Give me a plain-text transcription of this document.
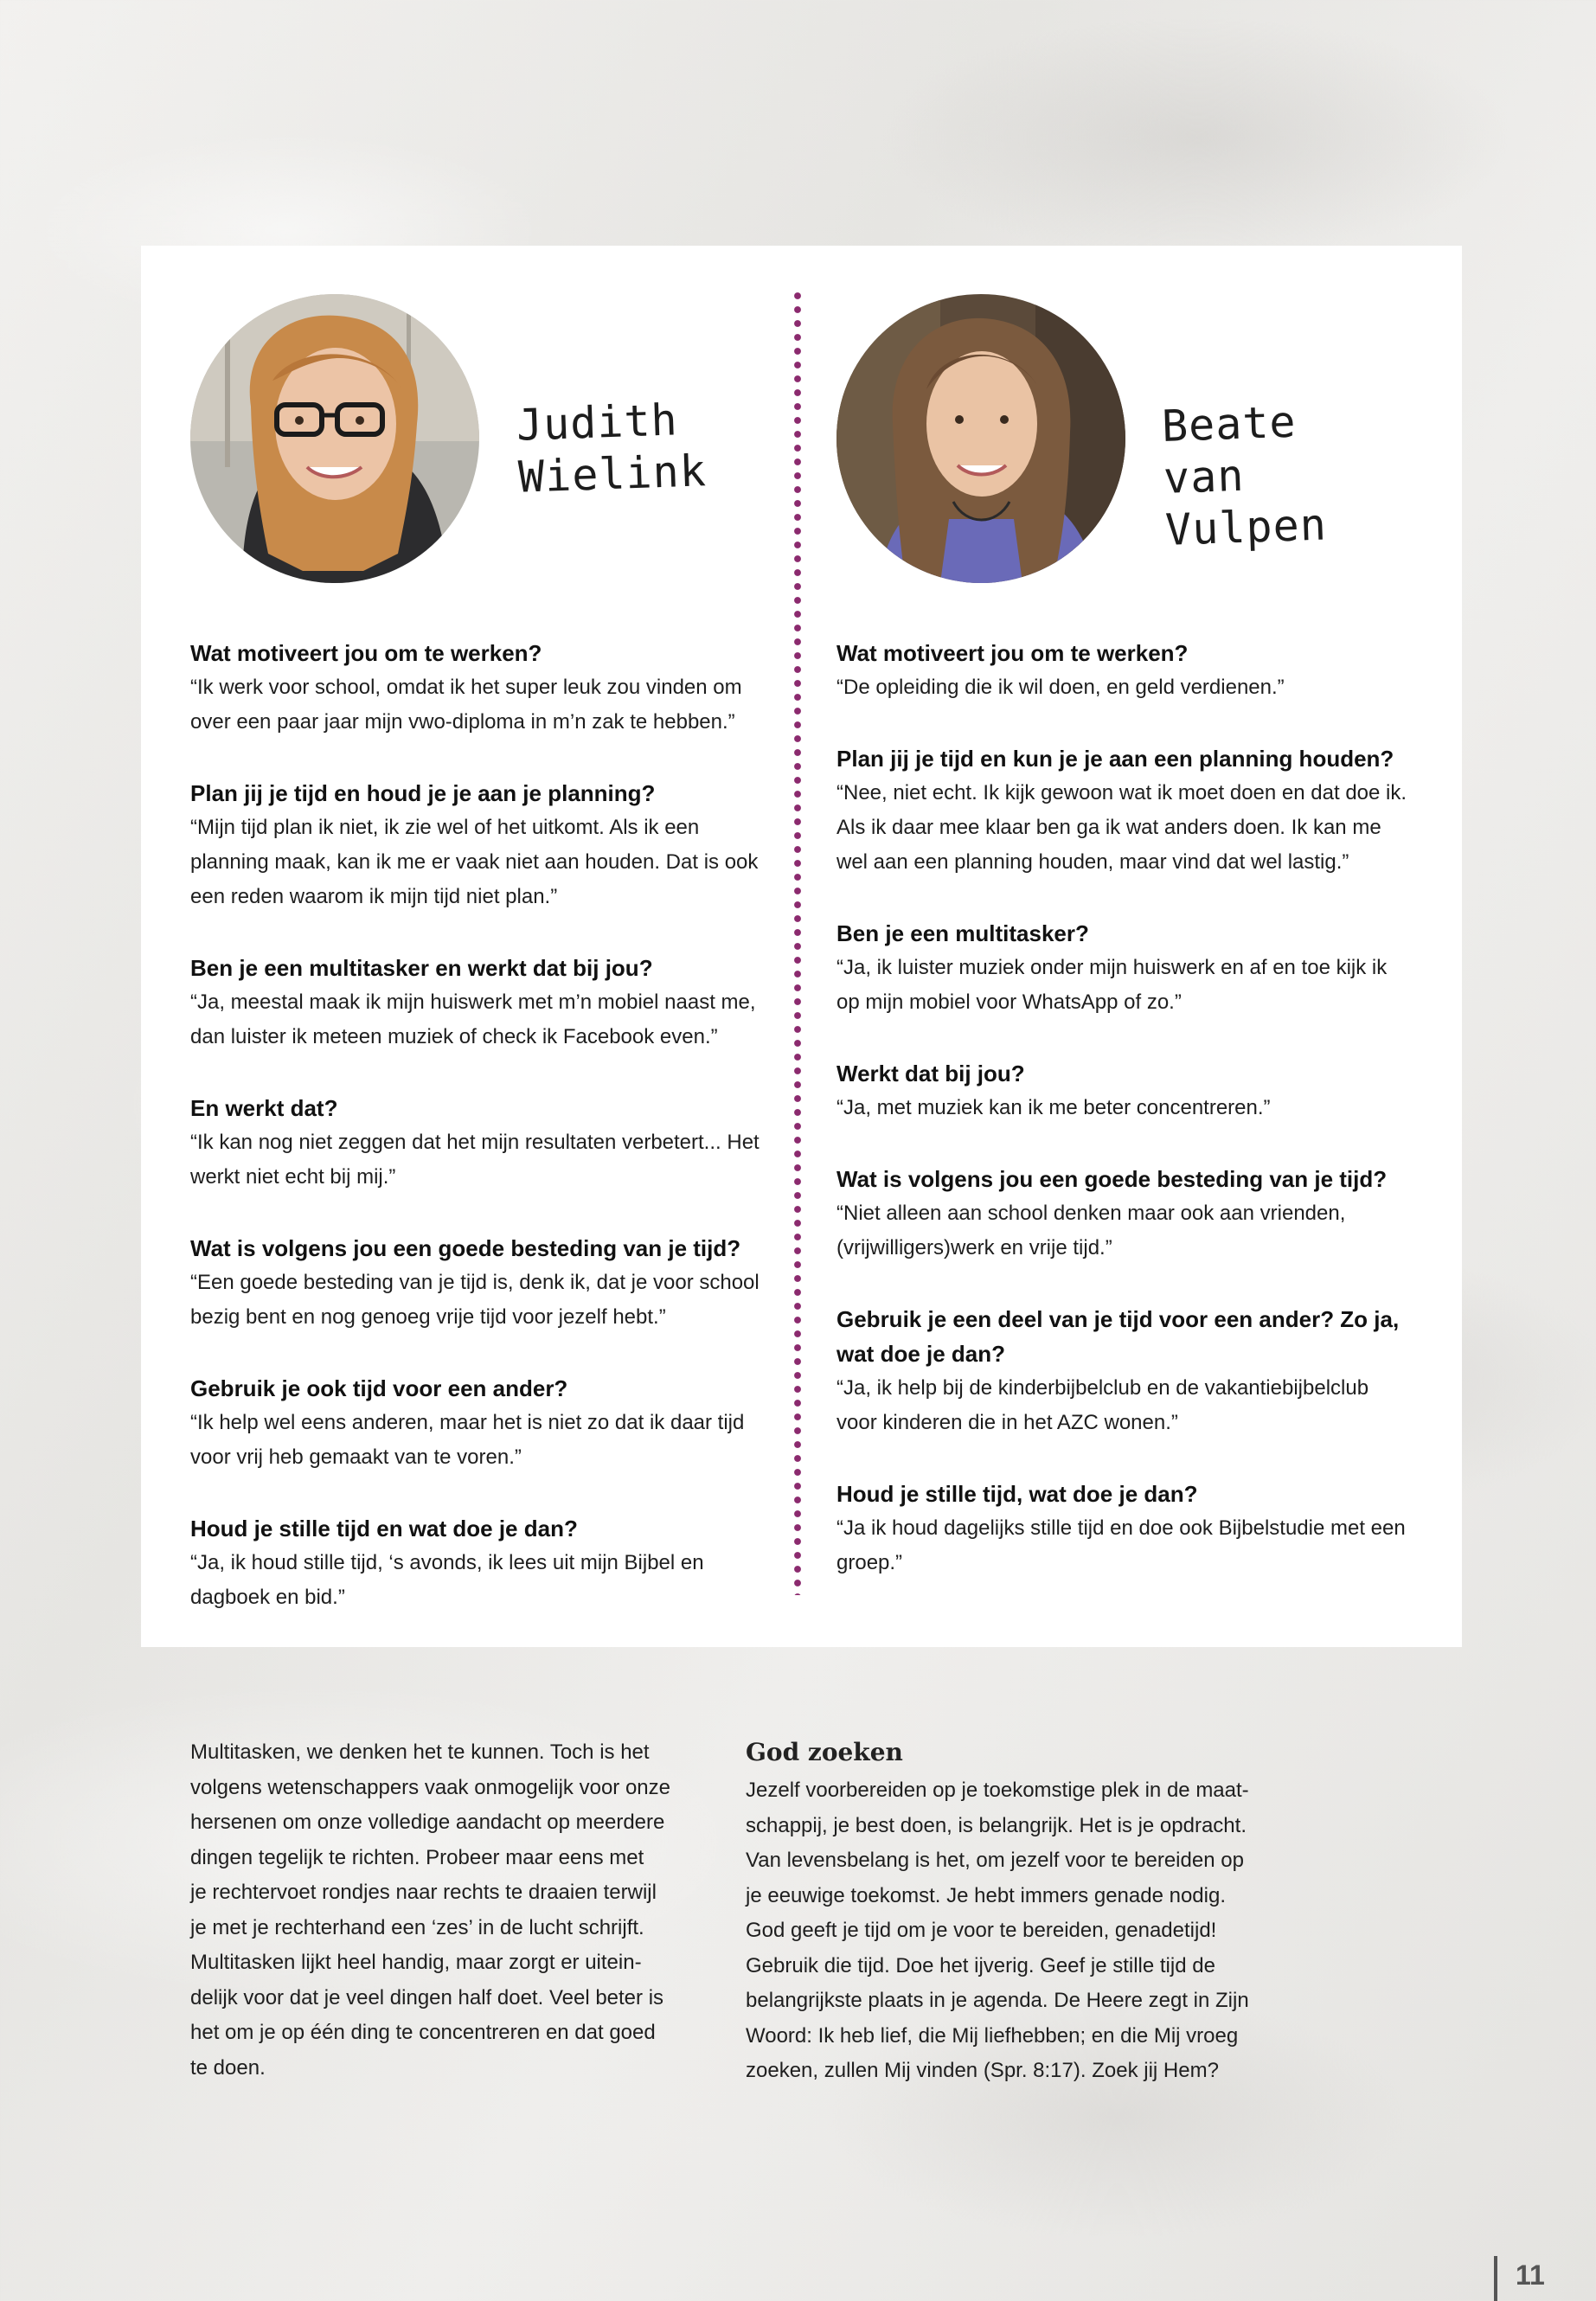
Judith
Wielink
Wat motiveert jou om te werken?
“Ik werk voor school, omdat ik het super leuk zou vinden om over een paar jaar mijn vwo-diploma in m’n zak te hebben.”
Plan jij je tijd en houd je je aan je planning?
“Mijn tijd plan ik niet, ik zie wel of het uitkomt. Als ik een planning maak, kan ik me er vaak niet aan houden. Dat is ook een reden waarom ik mijn tijd niet plan.”
Ben je een multitasker en werkt dat bij jou?
“Ja, meestal maak ik mijn huiswerk met m’n mobiel naast me, dan luister ik meteen muziek of check ik Facebook even.”
En werkt dat?
“Ik kan nog niet zeggen dat het mijn resultaten verbetert... Het werkt niet echt bij mij.”
Wat is volgens jou een goede besteding van je tijd?
“Een goede besteding van je tijd is, denk ik, dat je voor school bezig bent en nog genoeg vrije tijd voor jezelf hebt.”
Gebruik je ook tijd voor een ander?
“Ik help wel eens anderen, maar het is niet zo dat ik daar tijd voor vrij heb gemaakt van te voren.”
Houd je stille tijd en wat doe je dan?
“Ja, ik houd stille tijd, ‘s avonds, ik lees uit mijn Bijbel en dagboek en bid.”
Beate
van Vulpen
Wat motiveert jou om te werken?
“De opleiding die ik wil doen, en geld verdienen.”
Plan jij je tijd en kun je je aan een planning houden?
“Nee, niet echt. Ik kijk gewoon wat ik moet doen en dat doe ik. Als ik daar mee klaar ben ga ik wat anders doen. Ik kan me wel aan een planning houden, maar vind dat wel lastig.”
Ben je een multitasker?
“Ja, ik luister muziek onder mijn huiswerk en af en toe kijk ik op mijn mobiel voor WhatsApp of zo.”
Werkt dat bij jou?
“Ja, met muziek kan ik me beter concentreren.”
Wat is volgens jou een goede besteding van je tijd?
“Niet alleen aan school denken maar ook aan vrienden, (vrijwilligers)werk en vrije tijd.”
Gebruik je een deel van je tijd voor een ander? Zo ja, wat doe je dan?
“Ja, ik help bij de kinderbijbelclub en de vakantiebijbelclub voor kinderen die in het AZC wonen.”
Houd je stille tijd, wat doe je dan?
“Ja ik houd dagelijks stille tijd en doe ook Bijbelstudie met een groep.”
Multitasken, we denken het te kunnen. Toch is het
volgens wetenschappers vaak onmogelijk voor onze
hersenen om onze volledige aandacht op meerdere
dingen tegelijk te richten. Probeer maar eens met
je rechtervoet rondjes naar rechts te draaien terwijl
je met je rechterhand een ‘zes’ in de lucht schrijft.
Multitasken lijkt heel handig, maar zorgt er uitein-
delijk voor dat je veel dingen half doet. Veel beter is
het om je op één ding te concentreren en dat goed
te doen.
God zoeken
Jezelf voorbereiden op je toekomstige plek in de maat-
schappij, je best doen, is belangrijk. Het is je opdracht.
Van levensbelang is het, om jezelf voor te bereiden op
je eeuwige toekomst. Je hebt immers genade nodig.
God geeft je tijd om je voor te bereiden, genadetijd!
Gebruik die tijd. Doe het ijverig. Geef je stille tijd de
belangrijkste plaats in je agenda. De Heere zegt in Zijn
Woord: Ik heb lief, die Mij liefhebben; en die Mij vroeg
zoeken, zullen Mij vinden (Spr. 8:17). Zoek jij Hem?
11
